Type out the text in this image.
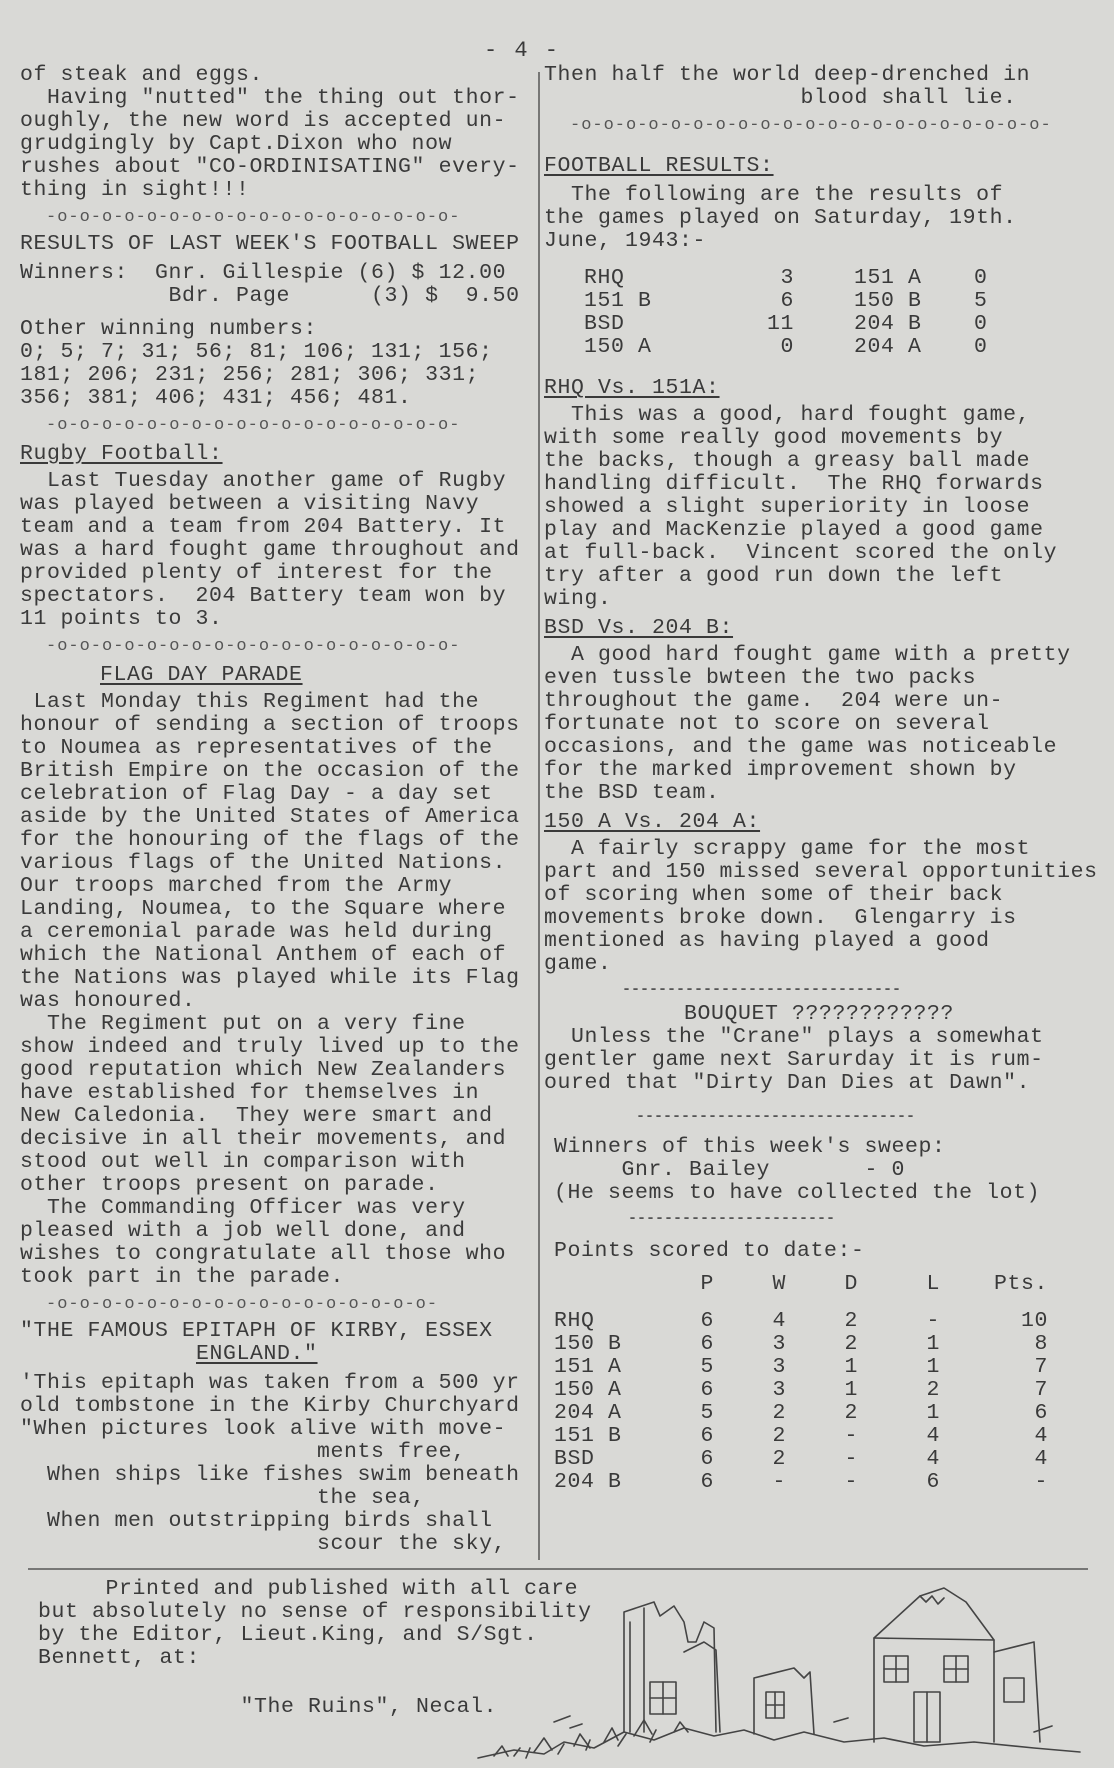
- 4 -

of steak and eggs.

Having "nutted" the thing out thor-

oughly, the new word is accepted un-

grudgingly by Capt.Dixon who now

rushes about "CO-ORDINISATING" every-

thing in sight!!!

-o-o-o-o-o-o-o-o-o-o-o-o-o-o-o-o-o-o-

RESULTS OF LAST WEEK'S FOOTBALL SWEEP

Winners:  Gnr. Gillespie (6) $ 12.00

Bdr. Page      (3) $  9.50

Other winning numbers:

0; 5; 7; 31; 56; 81; 106; 131; 156;

181; 206; 231; 256; 281; 306; 331;

356; 381; 406; 431; 456; 481.

-o-o-o-o-o-o-o-o-o-o-o-o-o-o-o-o-o-o-

Rugby Football:

Last Tuesday another game of Rugby

was played between a visiting Navy

team and a team from 204 Battery. It

was a hard fought game throughout and

provided plenty of interest for the

spectators.  204 Battery team won by

11 points to 3.

-o-o-o-o-o-o-o-o-o-o-o-o-o-o-o-o-o-o-

FLAG DAY PARADE

Last Monday this Regiment had the

honour of sending a section of troops

to Noumea as representatives of the

British Empire on the occasion of the

celebration of Flag Day - a day set

aside by the United States of America

for the honouring of the flags of the

various flags of the United Nations.

Our troops marched from the Army

Landing, Noumea, to the Square where

a ceremonial parade was held during

which the National Anthem of each of

the Nations was played while its Flag

was honoured.

The Regiment put on a very fine

show indeed and truly lived up to the

good reputation which New Zealanders

have established for themselves in

New Caledonia.  They were smart and

decisive in all their movements, and

stood out well in comparison with

other troops present on parade.

The Commanding Officer was very

pleased with a job well done, and

wishes to congratulate all those who

took part in the parade.

-o-o-o-o-o-o-o-o-o-o-o-o-o-o-o-o-o-

"THE FAMOUS EPITAPH OF KIRBY, ESSEX

ENGLAND."

'This epitaph was taken from a 500 yr

old tombstone in the Kirby Churchyard

"When pictures look alive with move-

ments free,

When ships like fishes swim beneath

the sea,

When men outstripping birds shall

scour the sky,

Then half the world deep-drenched in

blood shall lie.

-o-o-o-o-o-o-o-o-o-o-o-o-o-o-o-o-o-o-o-o-o-

FOOTBALL RESULTS:

The following are the results of

the games played on Saturday, 19th.

June, 1943:-

RHQ	3	151 A	0
151 B	6	150 B	5
BSD	11	204 B	0
150 A	0	204 A	0

RHQ Vs. 151A:

This was a good, hard fought game,

with some really good movements by

the backs, though a greasy ball made

handling difficult.  The RHQ forwards

showed a slight superiority in loose

play and MacKenzie played a good game

at full-back.  Vincent scored the only

try after a good run down the left

wing.

BSD Vs. 204 B:

A good hard fought game with a pretty

even tussle bwteen the two packs

throughout the game.  204 were un-

fortunate not to score on several

occasions, and the game was noticeable

for the marked improvement shown by

the BSD team.

150 A Vs. 204 A:

A fairly scrappy game for the most

part and 150 missed several opportunities

of scoring when some of their back

movements broke down.  Glengarry is

mentioned as having played a good

game.

-------------------------------

BOUQUET ????????????

Unless the "Crane" plays a somewhat

gentler game next Sarurday it is rum-

oured that "Dirty Dan Dies at Dawn".

-------------------------------

Winners of this week's sweep:

Gnr. Bailey       - 0

(He seems to have collected the lot)

-----------------------

Points scored to date:-

	P	W	D	L	Pts.

RHQ	6	4	2	-	10
150 B	6	3	2	1	8
151 A	5	3	1	1	7
150 A	6	3	1	2	7
204 A	5	2	2	1	6
151 B	6	2	-	4	4
BSD	6	2	-	4	4
204 B	6	-	-	6	-

Printed and published with all care

but absolutely no sense of responsibility

by the Editor, Lieut.King, and S/Sgt.

Bennett, at:

"The Ruins", Necal.
